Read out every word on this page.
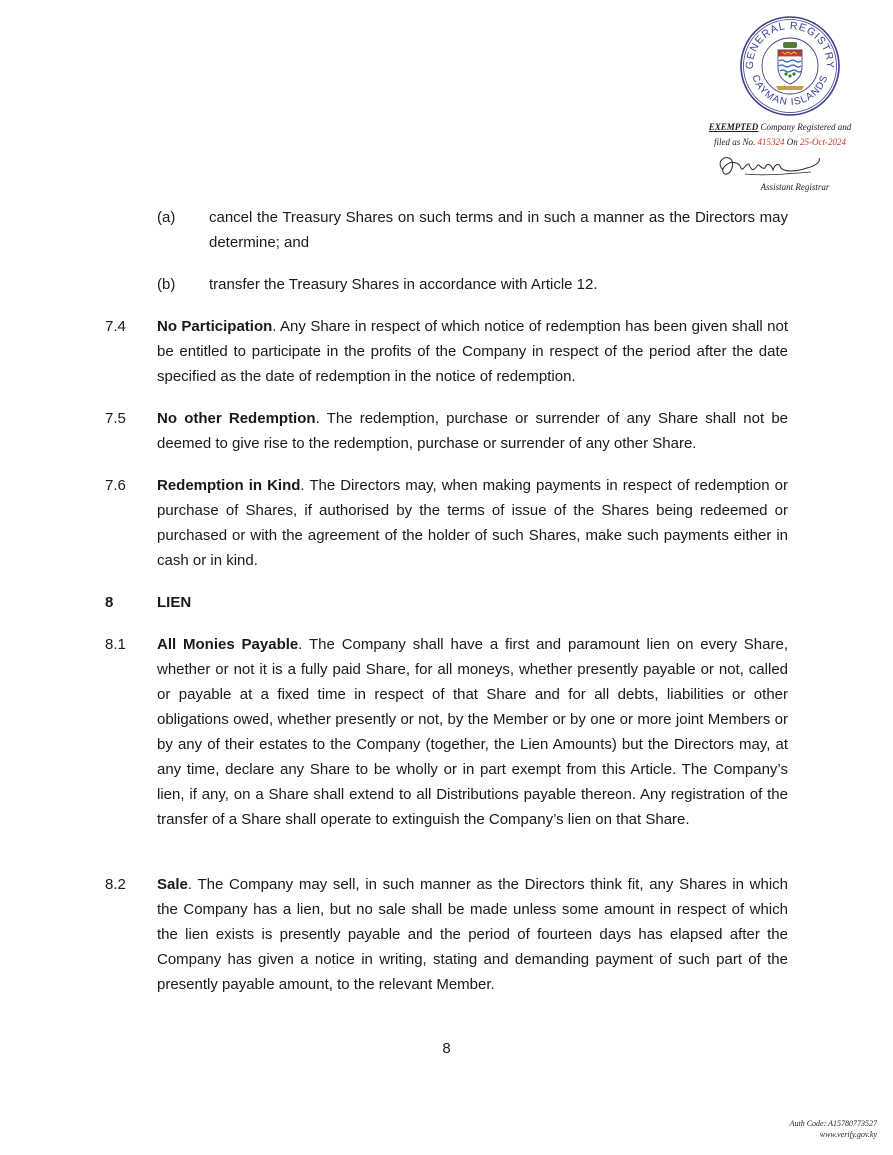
GENERAL REGISTRY
CAYMAN ISLANDS
EXEMPTED Company Registered and
filed as No. 415324 On 25-Oct-2024
Assistant Registrar
(a) cancel the Treasury Shares on such terms and in such a manner as the Directors may determine; and
(b) transfer the Treasury Shares in accordance with Article 12.
7.4 No Participation. Any Share in respect of which notice of redemption has been given shall not be entitled to participate in the profits of the Company in respect of the period after the date specified as the date of redemption in the notice of redemption.
7.5 No other Redemption. The redemption, purchase or surrender of any Share shall not be deemed to give rise to the redemption, purchase or surrender of any other Share.
7.6 Redemption in Kind. The Directors may, when making payments in respect of redemption or purchase of Shares, if authorised by the terms of issue of the Shares being redeemed or purchased or with the agreement of the holder of such Shares, make such payments either in cash or in kind.
8	LIEN
8.1 All Monies Payable. The Company shall have a first and paramount lien on every Share, whether or not it is a fully paid Share, for all moneys, whether presently payable or not, called or payable at a fixed time in respect of that Share and for all debts, liabilities or other obligations owed, whether presently or not, by the Member or by one or more joint Members or by any of their estates to the Company (together, the Lien Amounts) but the Directors may, at any time, declare any Share to be wholly or in part exempt from this Article. The Company’s lien, if any, on a Share shall extend to all Distributions payable thereon. Any registration of the transfer of a Share shall operate to extinguish the Company’s lien on that Share.
8.2 Sale. The Company may sell, in such manner as the Directors think fit, any Shares in which the Company has a lien, but no sale shall be made unless some amount in respect of which the lien exists is presently payable and the period of fourteen days has elapsed after the Company has given a notice in writing, stating and demanding payment of such part of the presently payable amount, to the relevant Member.
8
Auth Code: A15780773527
www.verify.gov.ky
